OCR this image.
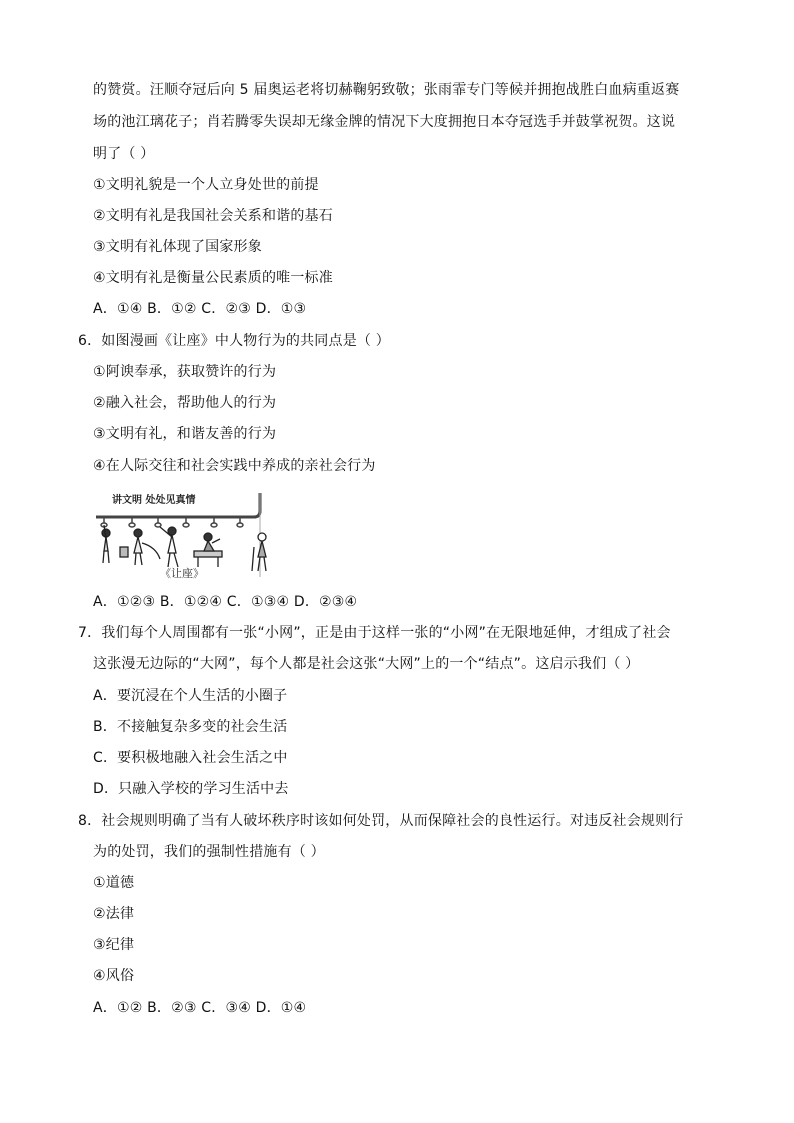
的赞赏。汪顺夺冠后向 5 届奥运老将切赫鞠躬致敬；张雨霏专门等候并拥抱战胜白血病重返赛
场的池江璃花子；肖若腾零失误却无缘金牌的情况下大度拥抱日本夺冠选手并鼓掌祝贺。这说
明了（ ）
①文明礼貌是一个人立身处世的前提
②文明有礼是我国社会关系和谐的基石
③文明有礼体现了国家形象
④文明有礼是衡量公民素质的唯一标准
A．①④ B．①② C．②③ D．①③
6．如图漫画《让座》中人物行为的共同点是（ ）
①阿谀奉承，获取赞许的行为
②融入社会，帮助他人的行为
③文明有礼，和谐友善的行为
④在人际交往和社会实践中养成的亲社会行为
讲文明 处处见真情
《让座》
A．①②③ B．①②④ C．①③④ D．②③④
7．我们每个人周围都有一张“小网”，正是由于这样一张的“小网”在无限地延伸，才组成了社会
这张漫无边际的“大网”，每个人都是社会这张“大网”上的一个“结点”。这启示我们（ ）
A．要沉浸在个人生活的小圈子
B．不接触复杂多变的社会生活
C．要积极地融入社会生活之中
D．只融入学校的学习生活中去
8．社会规则明确了当有人破坏秩序时该如何处罚，从而保障社会的良性运行。对违反社会规则行
为的处罚，我们的强制性措施有（ ）
①道德
②法律
③纪律
④风俗
A．①② B．②③ C．③④ D．①④
